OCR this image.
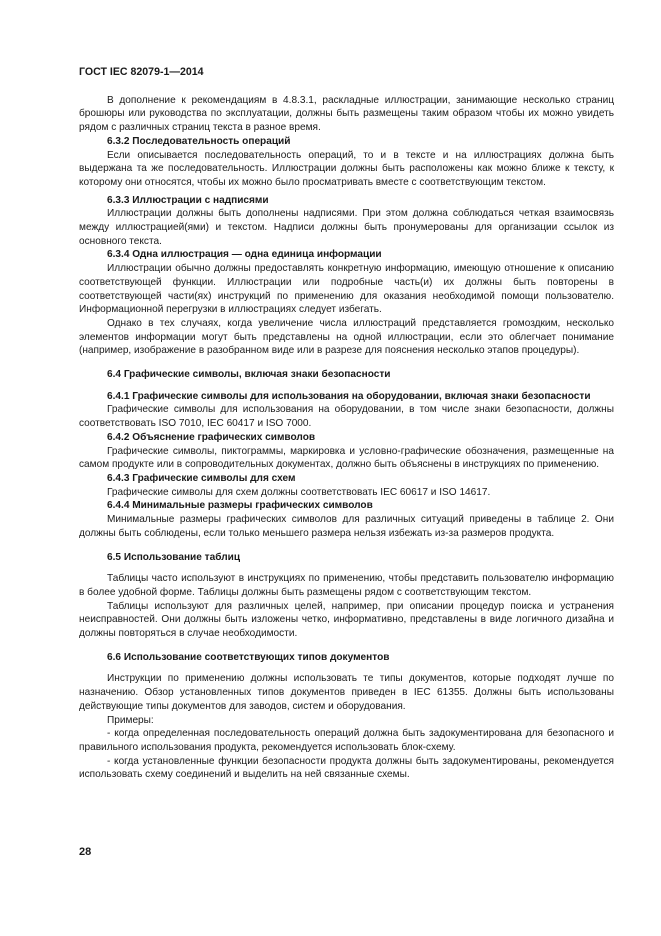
ГОСТ IEC 82079-1—2014

В дополнение к рекомендациям в 4.8.3.1, раскладные иллюстрации, занимающие несколько страниц брошюры или руководства по эксплуатации, должны быть размещены таким образом чтобы их можно увидеть рядом с различных страниц текста в разное время.

6.3.2 Последовательность операций

Если описывается последовательность операций, то и в тексте и на иллюстрациях должна быть выдержана та же последовательность. Иллюстрации должны быть расположены как можно ближе к тексту, к которому они относятся, чтобы их можно было просматривать вместе с соответствующим текстом.

6.3.3 Иллюстрации с надписями

Иллюстрации должны быть дополнены надписями. При этом должна соблюдаться четкая взаимосвязь между иллюстрацией(ями) и текстом. Надписи должны быть пронумерованы для организации ссылок из основного текста.

6.3.4 Одна иллюстрация — одна единица информации

Иллюстрации обычно должны предоставлять конкретную информацию, имеющую отношение к описанию соответствующей функции. Иллюстрации или подробные часть(и) их должны быть повторены в соответствующей части(ях) инструкций по применению для оказания необходимой помощи пользователю. Информационной перегрузки в иллюстрациях следует избегать.

Однако в тех случаях, когда увеличение числа иллюстраций представляется громоздким, несколько элементов информации могут быть представлены на одной иллюстрации, если это облегчает понимание (например, изображение в разобранном виде или в разрезе для пояснения несколько этапов процедуры).

6.4 Графические символы, включая знаки безопасности
6.4.1 Графические символы для использования на оборудовании, включая знаки безопасности

Графические символы для использования на оборудовании, в том числе знаки безопасности, должны соответствовать ISO 7010, IEC 60417 и ISO 7000.

6.4.2 Объяснение графических символов

Графические символы, пиктограммы, маркировка и условно-графические обозначения, размещенные на самом продукте или в сопроводительных документах, должно быть объяснены в инструкциях по применению.

6.4.3 Графические символы для схем

Графические символы для схем должны соответствовать IEC 60617 и ISO 14617.

6.4.4 Минимальные размеры графических символов

Минимальные размеры графических символов для различных ситуаций приведены в таблице 2. Они должны быть соблюдены, если только меньшего размера нельзя избежать из-за размеров продукта.

6.5 Использование таблиц

Таблицы часто используют в инструкциях по применению, чтобы представить пользователю информацию в более удобной форме. Таблицы должны быть размещены рядом с соответствующим текстом.

Таблицы используют для различных целей, например, при описании процедур поиска и устранения неисправностей. Они должны быть изложены четко, информативно, представлены в виде логичного дизайна и должны повторяться в случае необходимости.

6.6 Использование соответствующих типов документов

Инструкции по применению должны использовать те типы документов, которые подходят лучше по назначению. Обзор установленных типов документов приведен в IEC 61355. Должны быть использованы действующие типы документов для заводов, систем и оборудования.

Примеры:

- когда определенная последовательность операций должна быть задокументирована для безопасного и правильного использования продукта, рекомендуется использовать блок-схему.

- когда установленные функции безопасности продукта должны быть задокументированы, рекомендуется использовать схему соединений и выделить на ней связанные схемы.

28
